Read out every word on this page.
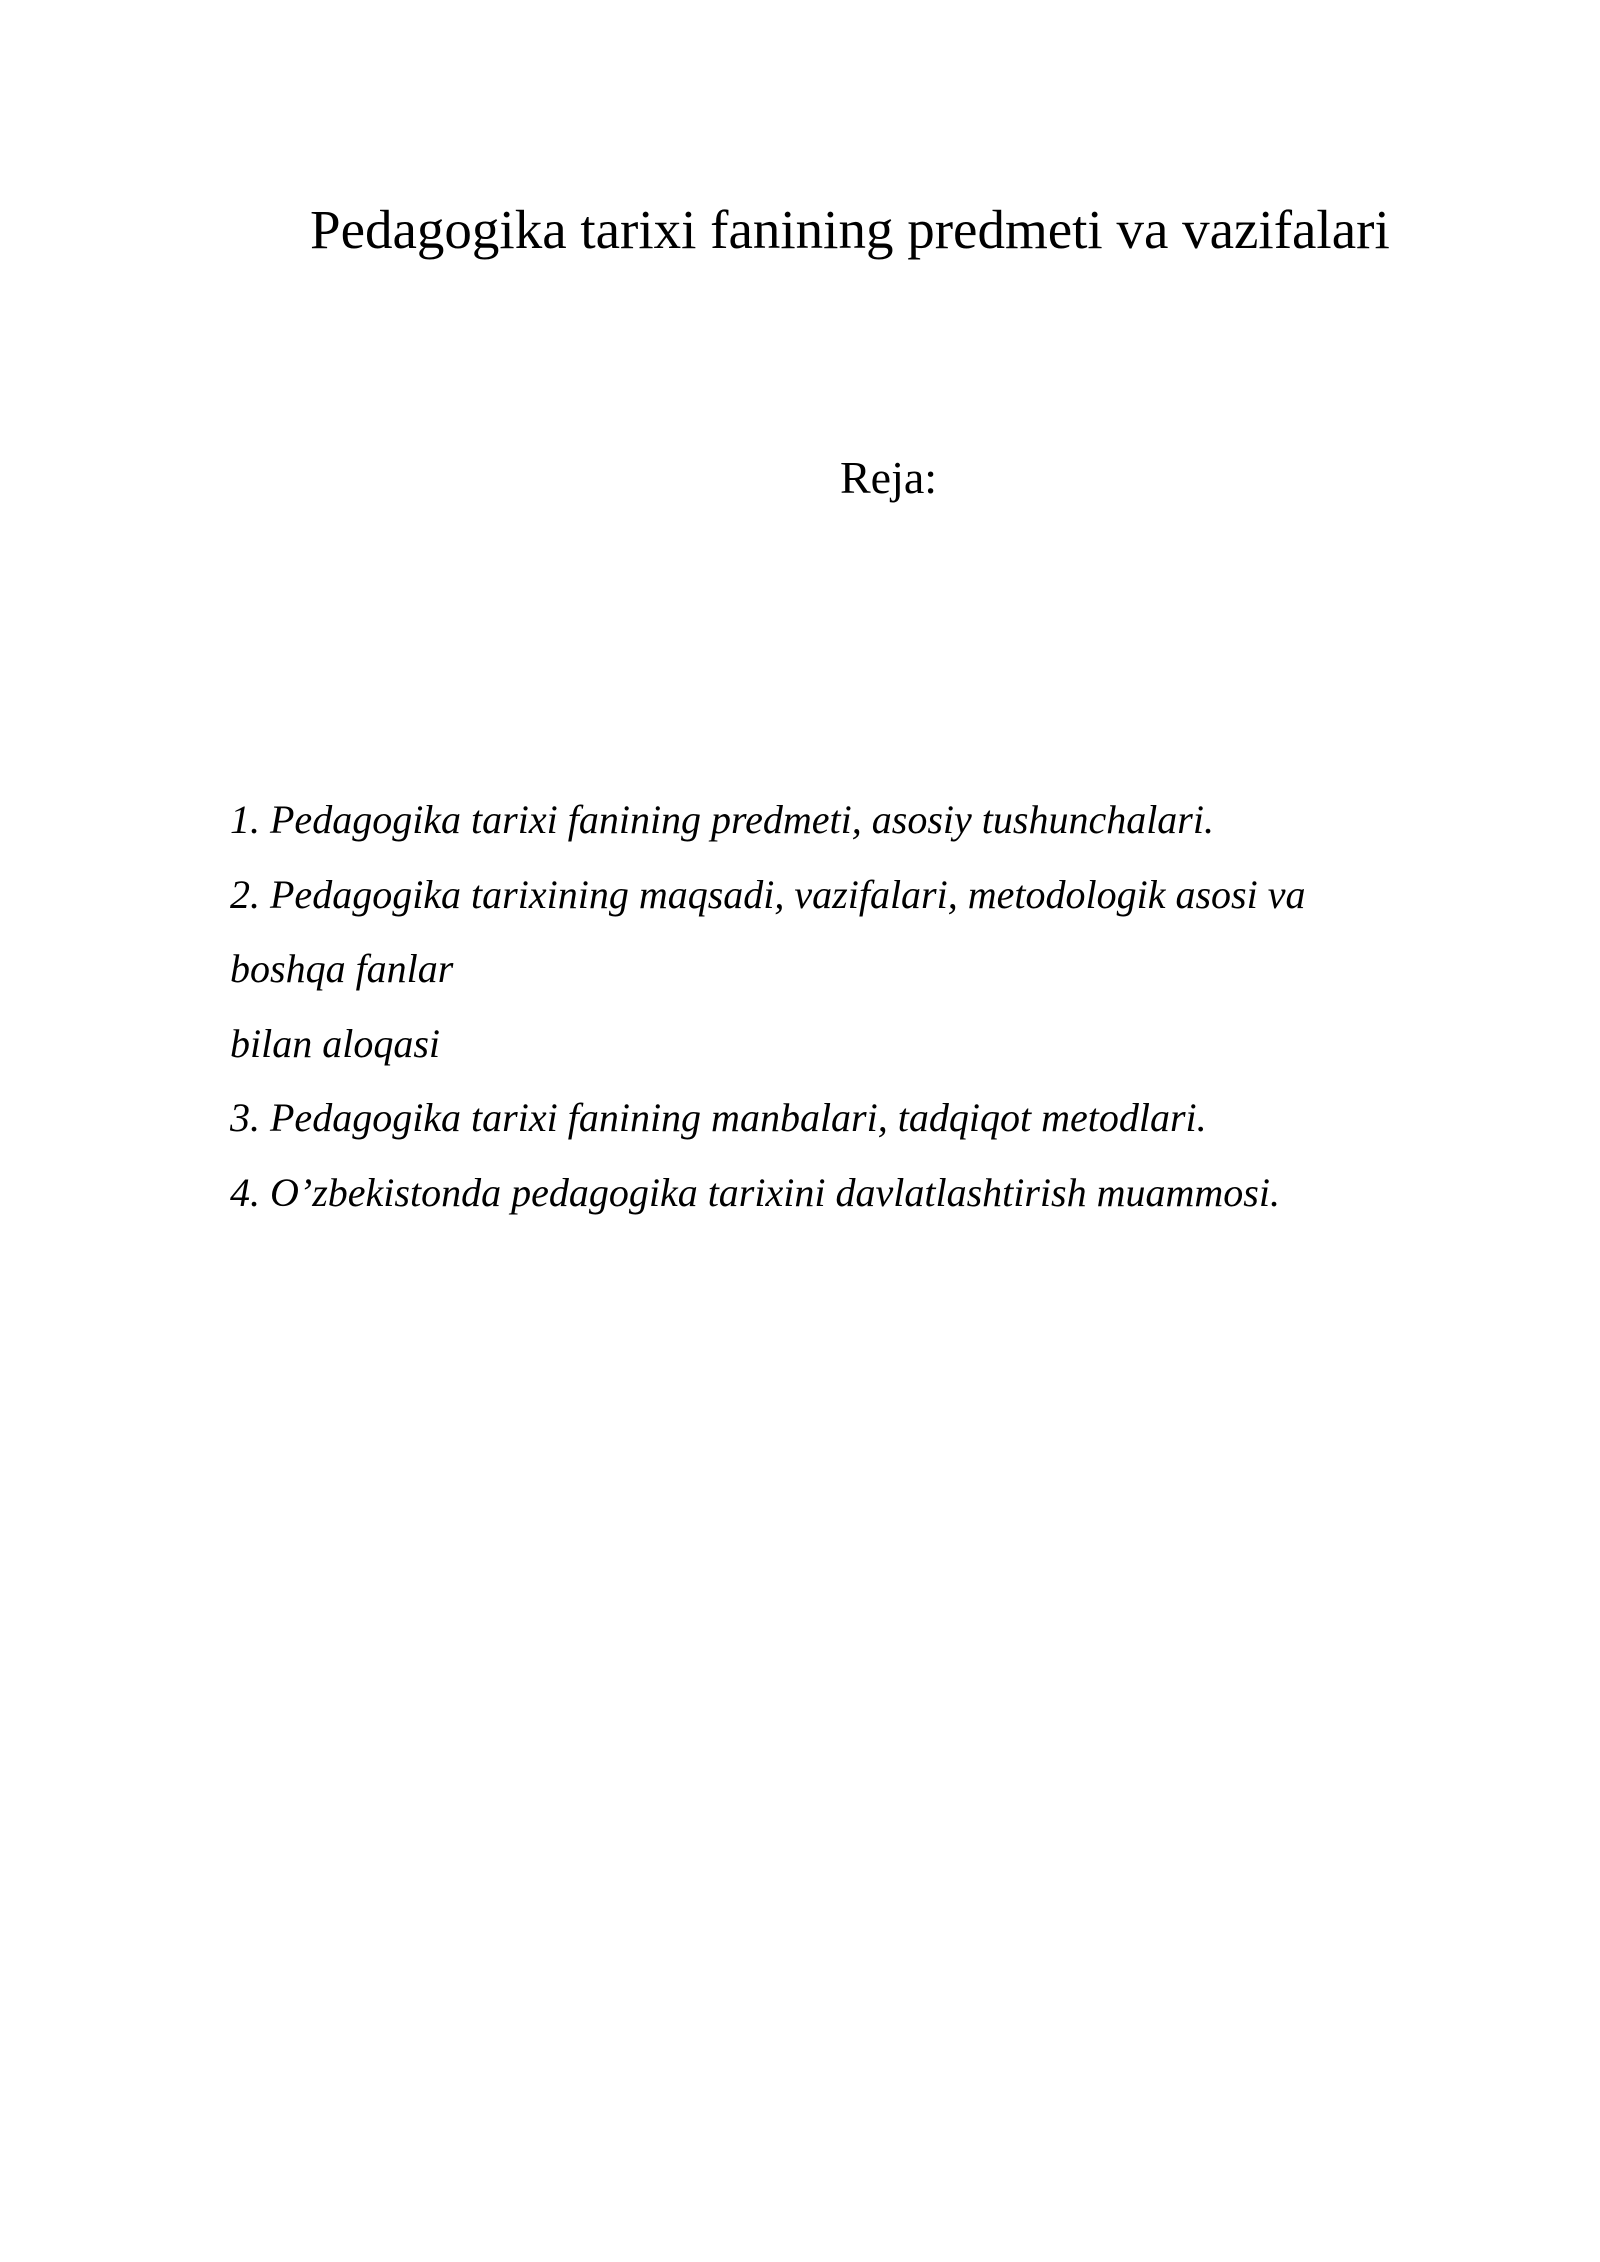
Pedagogika tarixi fanining predmeti va vazifalari
Reja:
1. Pedagogika tarixi fanining predmeti, asosiy tushunchalari.
2. Pedagogika tarixining maqsadi, vazifalari, metodologik asosi va
boshqa fanlar
bilan aloqasi
3. Pedagogika tarixi fanining manbalari, tadqiqot metodlari.
4. O’zbekistonda pedagogika tarixini davlatlashtirish muammosi.
